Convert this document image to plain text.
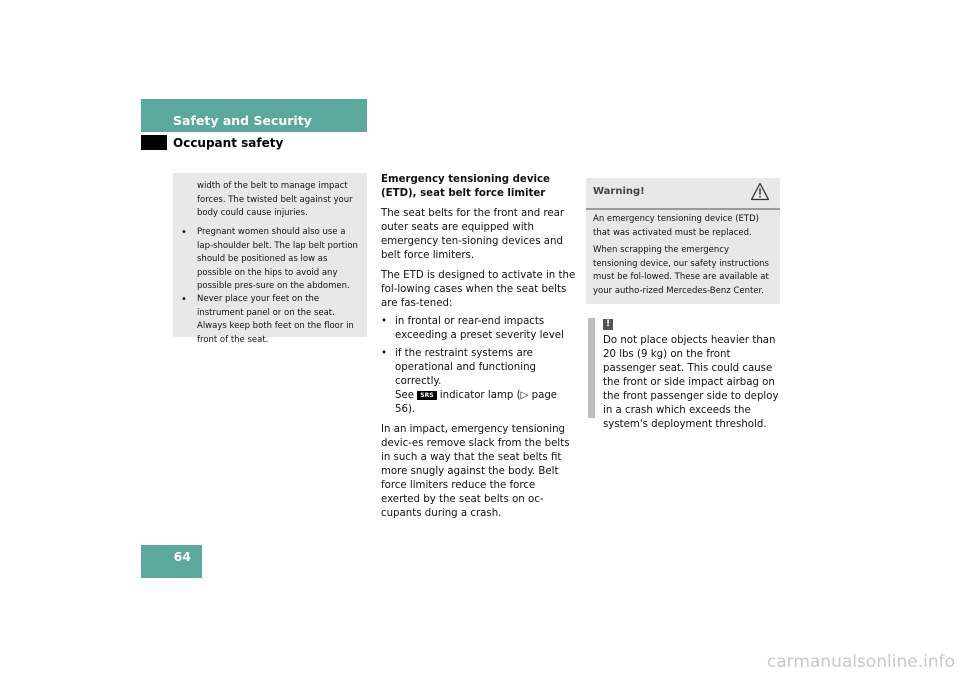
Safety and Security
Occupant safety
width of the belt to manage impact forces. The twisted belt against your body could cause injuries.
• Pregnant women should also use a lap-shoulder belt. The lap belt portion should be positioned as low as possible on the hips to avoid any possible pres-sure on the abdomen.
• Never place your feet on the instrument panel or on the seat. Always keep both feet on the floor in front of the seat.

Emergency tensioning device (ETD), seat belt force limiter

The seat belts for the front and rear outer seats are equipped with emergency ten-sioning devices and belt force limiters.

The ETD is designed to activate in the fol-lowing cases when the seat belts are fas-tened:

• in frontal or rear-end impacts exceeding a preset severity level
• if the restraint systems are operational and functioning correctly.
See SRS indicator lamp (▷ page 56).

In an impact, emergency tensioning devic-es remove slack from the belts in such a way that the seat belts fit more snugly against the body. Belt force limiters reduce the force exerted by the seat belts on oc-cupants during a crash.

Warning!

An emergency tensioning device (ETD) that was activated must be replaced.

When scrapping the emergency tensioning device, our safety instructions must be fol-lowed. These are available at your autho-rized Mercedes-Benz Center.

!
Do not place objects heavier than 20 lbs (9 kg) on the front passenger seat. This could cause the front or side impact airbag on the front passenger side to deploy in a crash which exceeds the system's deployment threshold.
64
carmanualsonline.info
